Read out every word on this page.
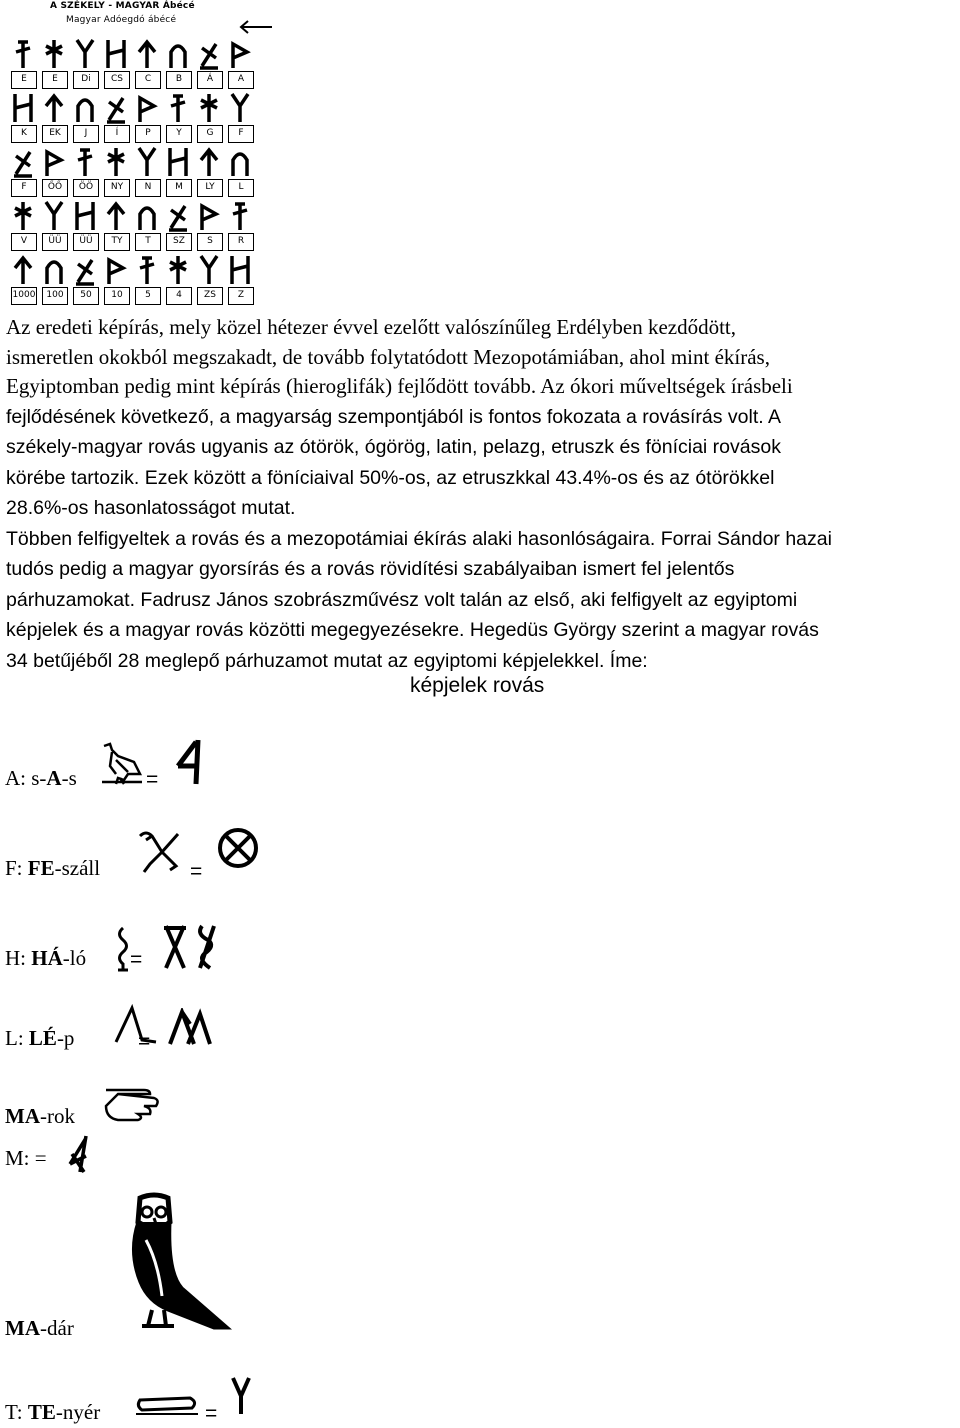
A SZÉKELY - MAGYAR Ábécé
Magyar Adóegdó ábécé
E	E	Di	CS	C	B	Á	A
K	EK	J	Í	P	Y	G	F
F	ŐŐ	ÖÖ	NY	N	M	LY	L
V	ÜÜ	ÜÜ	TY	T	SZ	S	R
1000	100	50	10	5	4	ZS	Z

Az eredeti képírás, mely közel hétezer évvel ezelőtt valószínűleg Erdélyben kezdődött,
ismeretlen okokból megszakadt, de tovább folytatódott Mezopotámiában, ahol mint ékírás,
Egyiptomban pedig mint képírás (hieroglifák) fejlődött tovább. Az ókori műveltségek írásbeli
fejlődésének következő, a magyarság szempontjából is fontos fokozata a rovásírás volt. A
székely-magyar rovás ugyanis az ótörök, ógörög, latin, pelazg, etruszk és föníciai rovások
körébe tartozik. Ezek között a föníciaival 50%-os, az etruszkkal 43.4%-os és az ótörökkel
28.6%-os hasonlatosságot mutat.
Többen felfigyeltek a rovás és a mezopotámiai ékírás alaki hasonlóságaira. Forrai Sándor hazai
tudós pedig a magyar gyorsírás és a rovás rövidítési szabályaiban ismert fel jelentős
párhuzamokat. Fadrusz János szobrászművész volt talán az első, aki felfigyelt az egyiptomi
képjelek és a magyar rovás közötti megegyezésekre. Hegedüs György szerint a magyar rovás
34 betűjéből 28 meglepő párhuzamot mutat az egyiptomi képjelekkel. Íme:

képjelek rovás
A: s-A-s	=
F: FE-száll	=
H: HÁ-ló =
L: LÉ-p	=
MA-rok
M: =
MA-dár
T: TE-nyér	=
